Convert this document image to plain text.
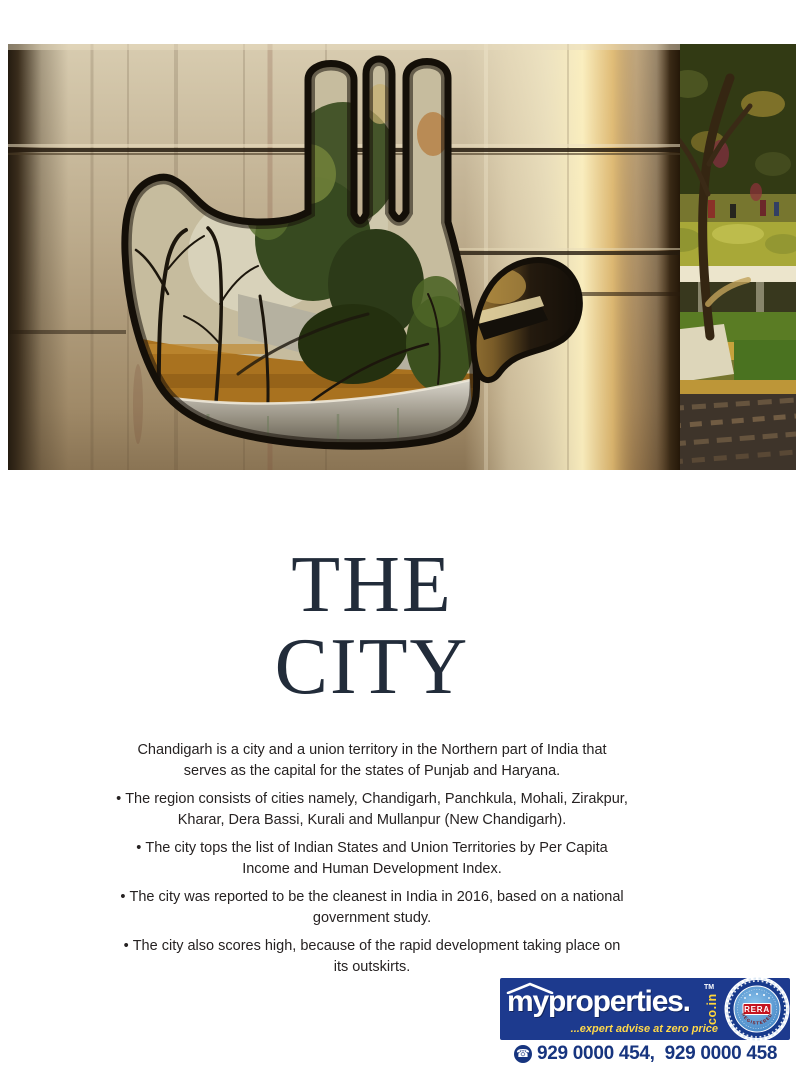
THE
CITY

Chandigarh is a city and a union territory in the Northern part of India that
serves as the capital for the states of Punjab and Haryana.

• The region consists of cities namely, Chandigarh, Panchkula, Mohali, Zirakpur,
Kharar, Dera Bassi, Kurali and Mullanpur (New Chandigarh).

• The city tops the list of Indian States and Union Territories by Per Capita
Income and Human Development Index.

• The city was reported to be the cleanest in India in 2016, based on a national
government study.

• The city also scores high, because of the rapid development taking place on
its outskirts.

myproperties. TM
co.in
...expert advise at zero price
RERA
REGISTERED
☎ 929 0000 454,  929 0000 458
